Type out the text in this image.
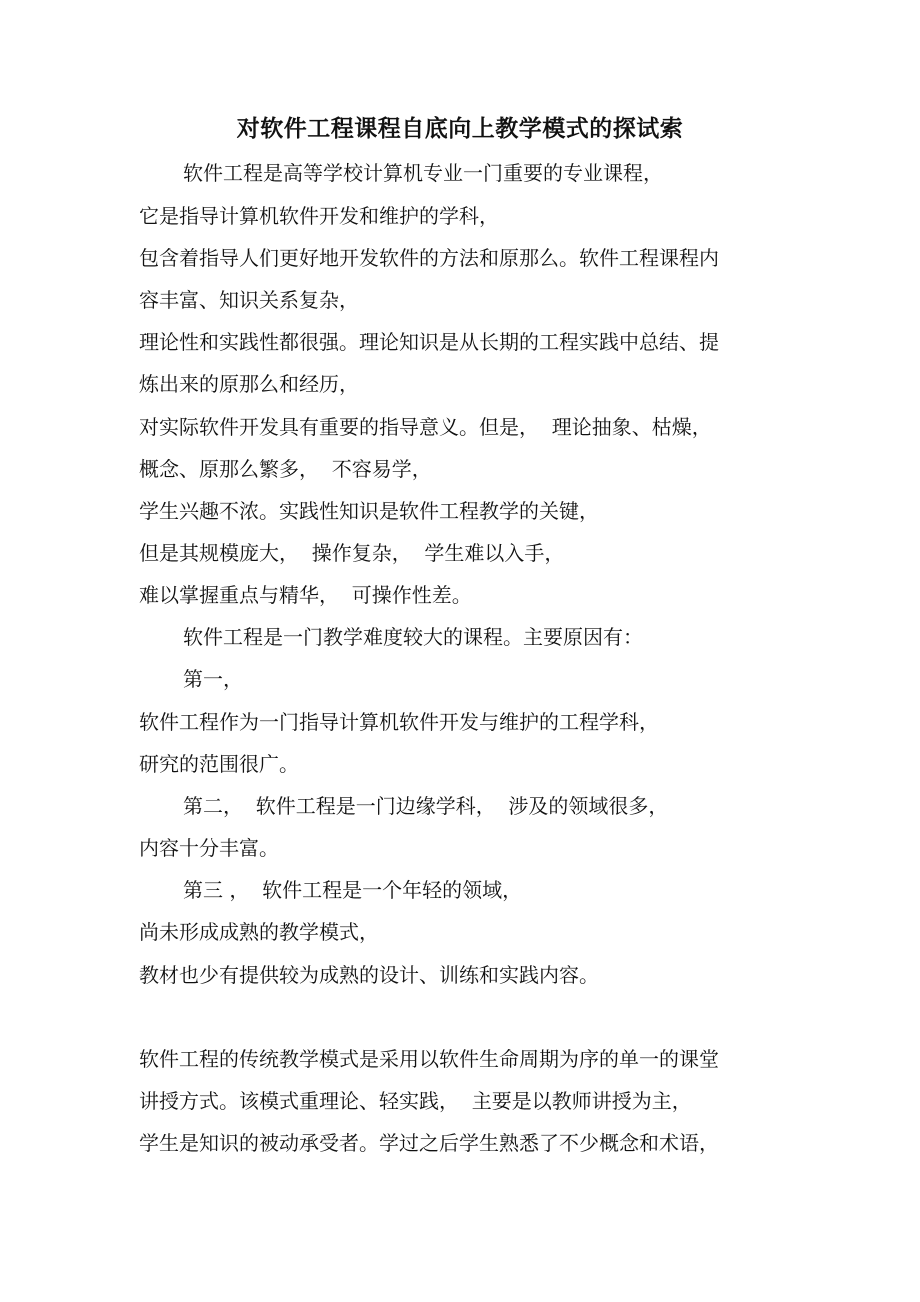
对软件工程课程自底向上教学模式的探试索
软件工程是高等学校计算机专业一门重要的专业课程，
它是指导计算机软件开发和维护的学科，
包含着指导人们更好地开发软件的方法和原那么。软件工程课程内
容丰富、知识关系复杂，
理论性和实践性都很强。理论知识是从长期的工程实践中总结、提
炼出来的原那么和经历，
对实际软件开发具有重要的指导意义。但是，  理论抽象、枯燥，
概念、原那么繁多，  不容易学，
学生兴趣不浓。实践性知识是软件工程教学的关键，
但是其规模庞大，  操作复杂，  学生难以入手，
难以掌握重点与精华，  可操作性差。
软件工程是一门教学难度较大的课程。主要原因有：
第一，
软件工程作为一门指导计算机软件开发与维护的工程学科，
研究的范围很广。
第二，  软件工程是一门边缘学科，  涉及的领域很多，
内容十分丰富。
第三 ，  软件工程是一个年轻的领域，
尚未形成成熟的教学模式，
教材也少有提供较为成熟的设计、训练和实践内容。
软件工程的传统教学模式是采用以软件生命周期为序的单一的课堂
讲授方式。该模式重理论、轻实践，  主要是以教师讲授为主，
学生是知识的被动承受者。学过之后学生熟悉了不少概念和术语，
